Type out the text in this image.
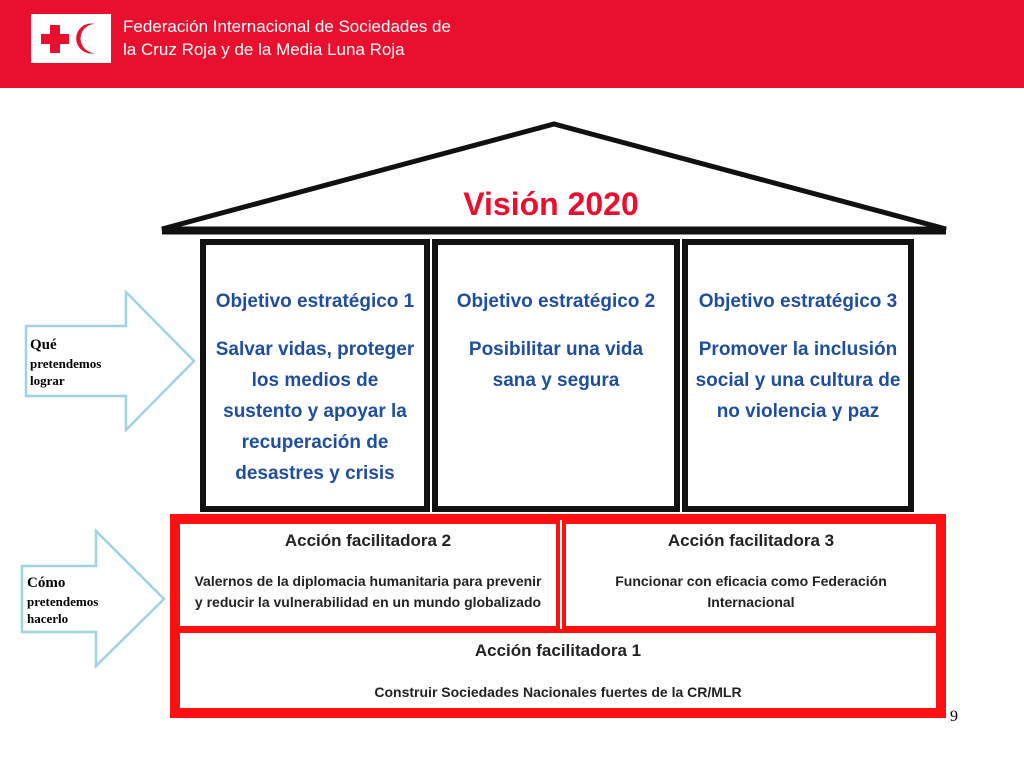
Federación Internacional de Sociedades de
la Cruz Roja y de la Media Luna Roja
Visión 2020
Objetivo estratégico 1
Salvar vidas, proteger los medios de sustento y apoyar la recuperación de desastres y crisis
Objetivo estratégico 2
Posibilitar una vida sana y segura
Objetivo estratégico 3
Promover la inclusión social y una cultura de no violencia y paz
Acción facilitadora 2
Valernos de la diplomacia humanitaria para prevenir
y reducir la vulnerabilidad en un mundo globalizado
Acción facilitadora 3
Funcionar con eficacia como Federación
Internacional
Acción facilitadora 1
Construir Sociedades Nacionales fuertes de la CR/MLR
Qué
pretendemos
lograr
Cómo
pretendemos
hacerlo
9
